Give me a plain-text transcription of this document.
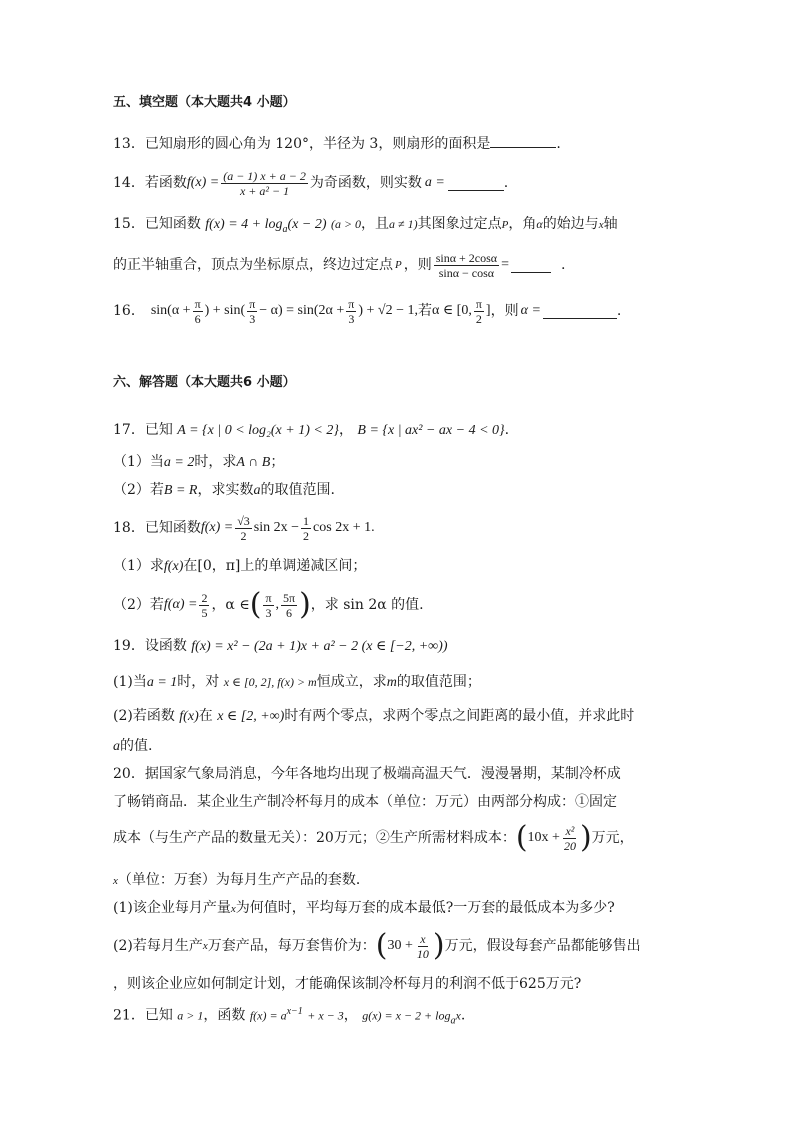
五、填空题（本大题共4 小题）
13．已知扇形的圆心角为 120°，半径为 3，则扇形的面积是	.
14．若函数 $f(x) = \frac{(a - 1) x + a - 2}{\text{x + a² − 1}}$ 为奇函数，则实数 a =	.
15．已知函数 $f(x) = 4 + \log_a(x - 2) (a > 0$，且a ≠ 1)其图象过定点P，角α的始边与x轴
的正半轴重合，顶点为坐标原点，终边过定点 P ，则 $\frac{\sin\alpha + 2\cos\alpha}{\sin\alpha - \cos\alpha}$ =	.
16． $\sin(\alpha + \frac{\pi}{6}$ ) + $\sin( \frac{\pi}{3} - \alpha) = \sin(2\alpha + \frac{\pi}{3}$ ) + √2 − 1, 若 α ∈ [0, $\frac{\pi}{2}$ ] ，则 α =	.
六、解答题（本大题共6 小题）
17．已知 A = {x | 0 < log₂(x + 1) < 2}， B = {x | ax² − ax − 4 < 0}.
（1）当a = 2时，求A ∩ B；
（2）若B = R，求实数a的取值范围.
18．已知函数 $f(x) = \frac{√3}{2}$ $\sin 2x - \frac{1}{2}$ cos 2x + 1.
（1）求f(x)在[0，π]上的单调递减区间；
（2）若 $f(\alpha) = \frac{2}{5}$ ，α ∈ ( $\frac{\pi}{3}$ , $\frac{5\pi}{6}$ ) ，求 sin 2α 的值.
19．设函数 f(x) = x² − (2a + 1)x + a² − 2 (x ∈ [−2, +∞))
(1)当a = 1时，对 x ∈ [0, 2], f(x) > m恒成立，求m的取值范围；
(2)若函数 f(x)在 x ∈ [2, +∞)时有两个零点，求两个零点之间距离的最小值，并求此时
a的值.
20．据国家气象局消息，今年各地均出现了极端高温天气．漫漫暑期，某制冷杯成
了畅销商品．某企业生产制冷杯每月的成本（单位：万元）由两部分构成：①固定
成本（与生产产品的数量无关）：20万元；②生产所需材料成本： ( $10x + \frac{\text{x²}}{20}$ ) 万元，
x（单位：万套）为每月生产产品的套数．
(1)该企业每月产量x为何值时，平均每万套的成本最低?一万套的最低成本为多少?
(2)若每月生产 x 万套产品，每万套售价为： ( $30 + \frac{x}{10}$ ) 万元，假设每套产品都能够售出
，则该企业应如何制定计划，才能确保该制冷杯每月的利润不低于625万元?
21．已知 a > 1，函数 $f(x) = a^{x-1} + x - 3$， $g(x) = x - 2 + \log_ax$.
